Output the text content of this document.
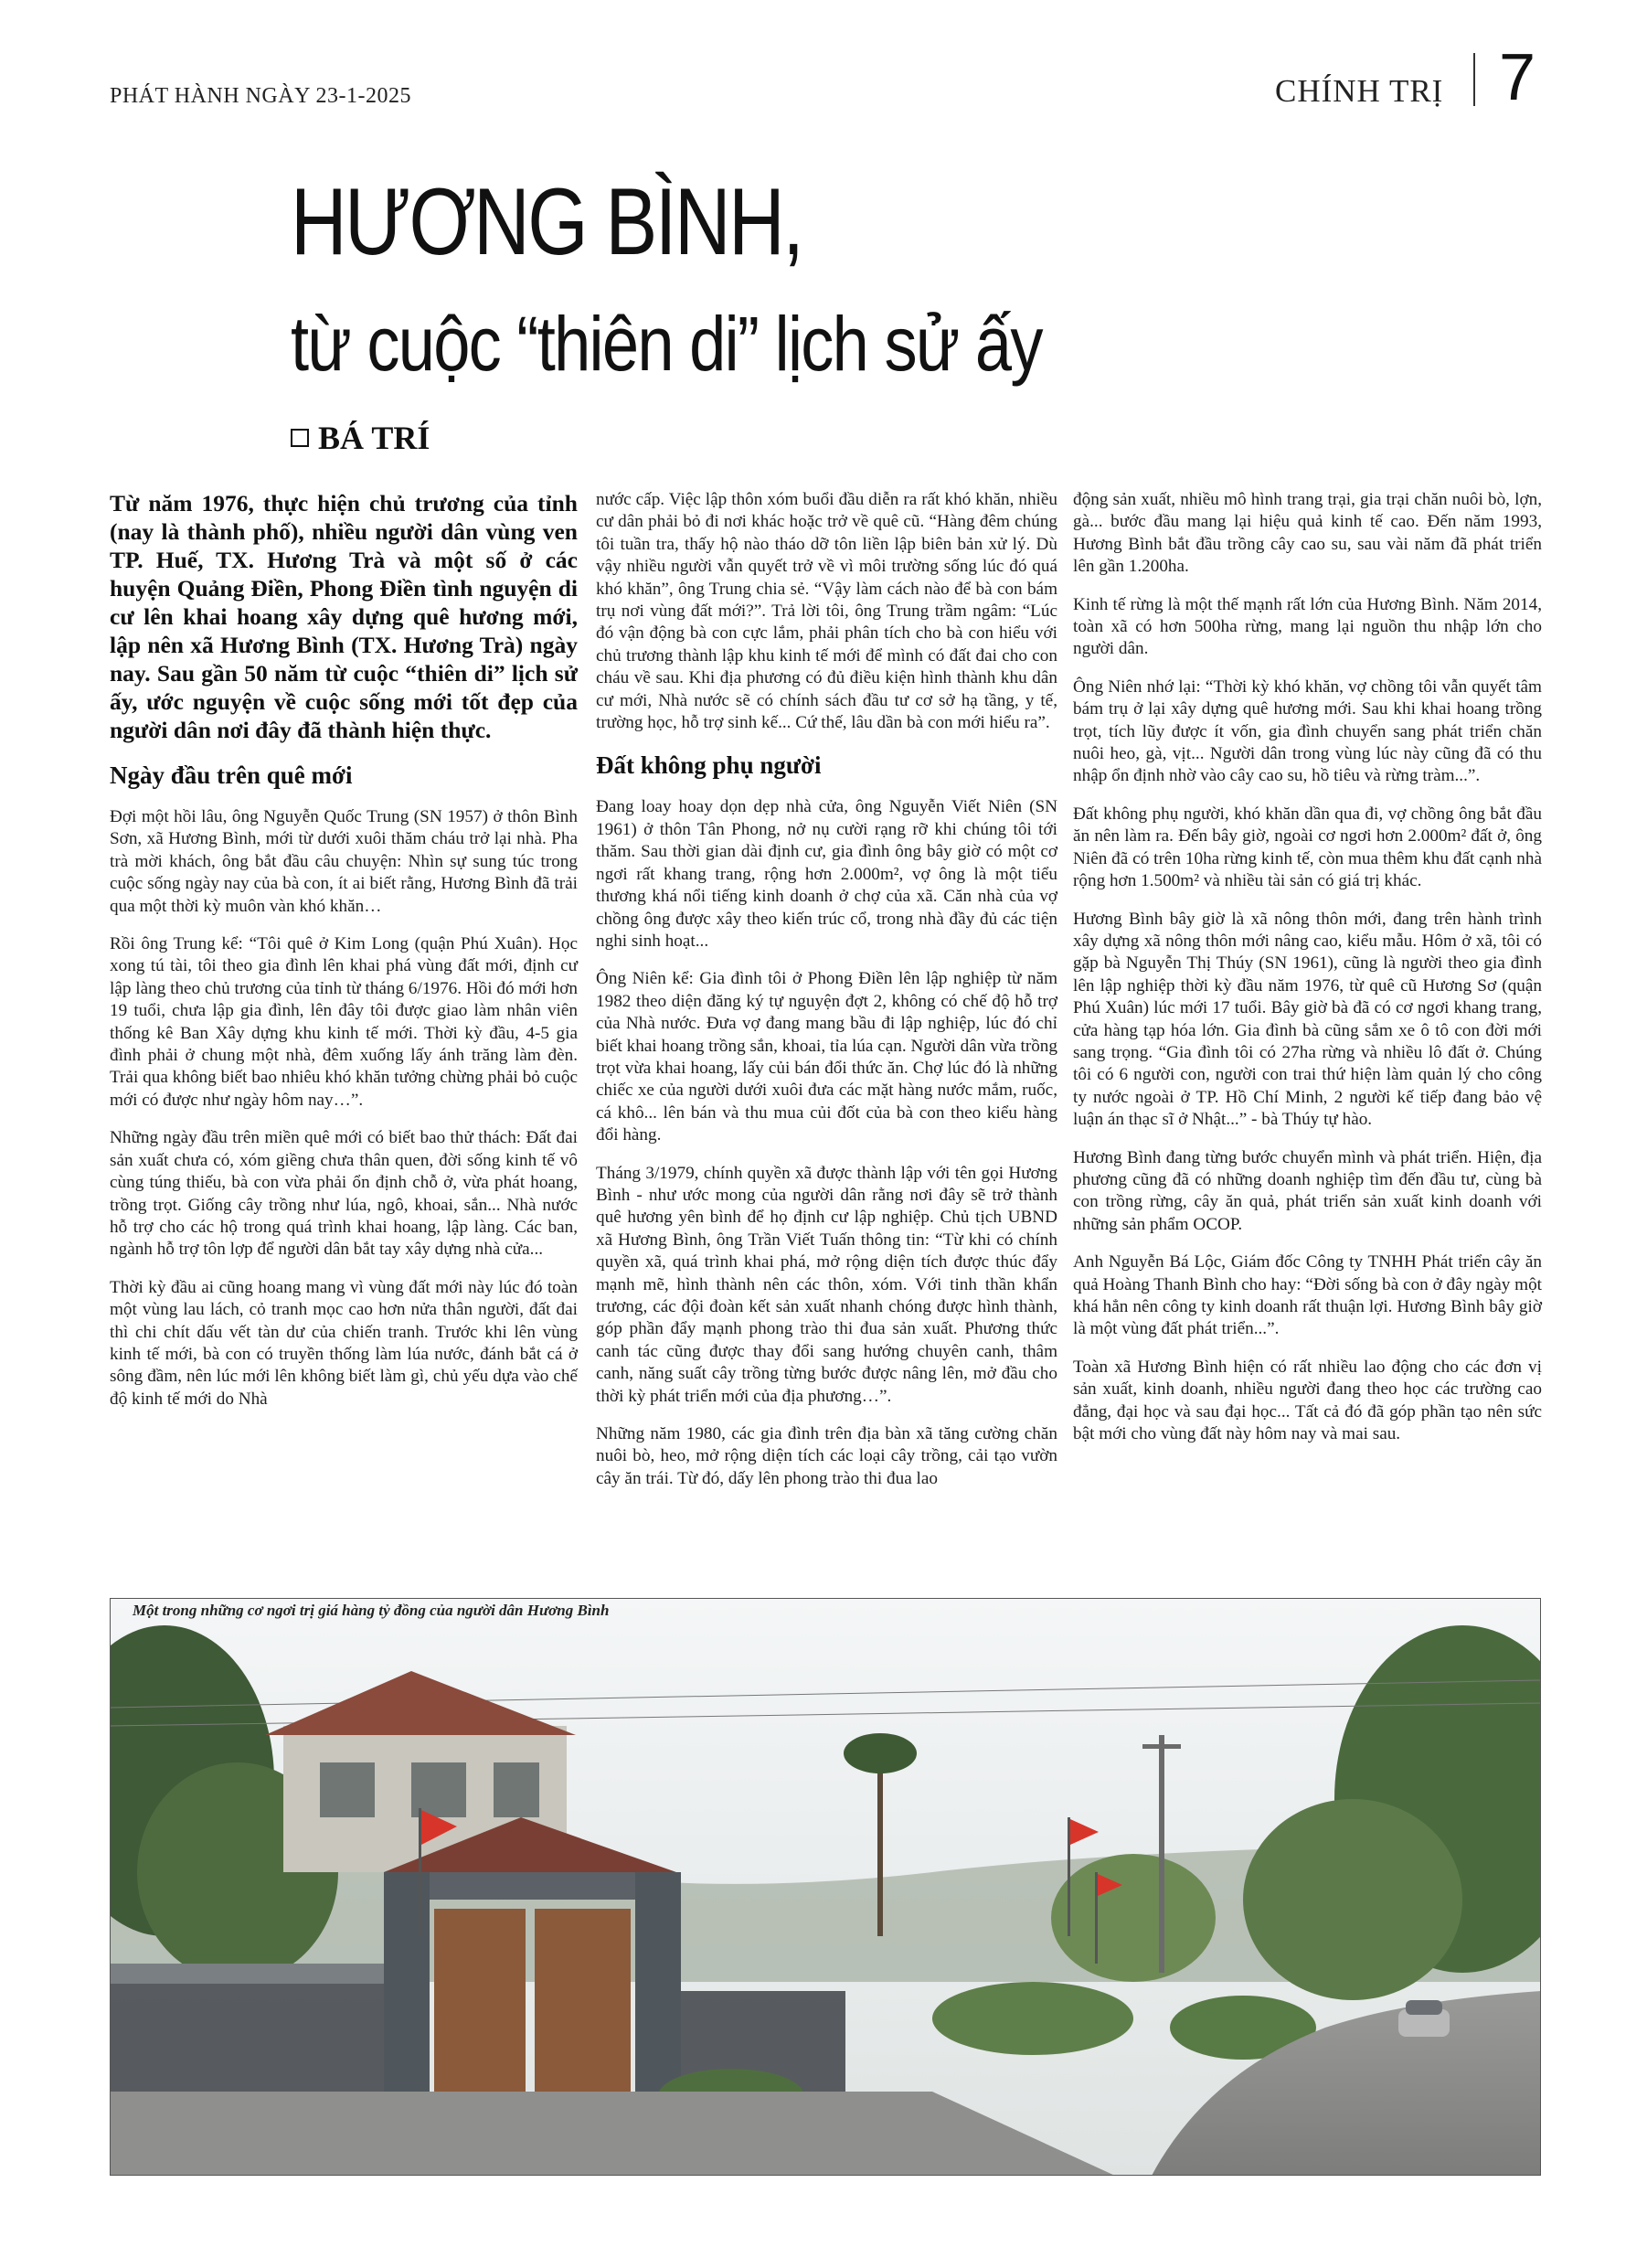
PHÁT HÀNH NGÀY 23-1-2025	CHÍNH TRỊ 7
HƯƠNG BÌNH,
từ cuộc “thiên di” lịch sử ấy
BÁ TRÍ

Từ năm 1976, thực hiện chủ trương của tỉnh (nay là thành phố), nhiều người dân vùng ven TP. Huế, TX. Hương Trà và một số ở các huyện Quảng Điền, Phong Điền tình nguyện di cư lên khai hoang xây dựng quê hương mới, lập nên xã Hương Bình (TX. Hương Trà) ngày nay. Sau gần 50 năm từ cuộc “thiên di” lịch sử ấy, ước nguyện về cuộc sống mới tốt đẹp của người dân nơi đây đã thành hiện thực.

Ngày đầu trên quê mới

Đợi một hồi lâu, ông Nguyễn Quốc Trung (SN 1957) ở thôn Bình Sơn, xã Hương Bình, mới từ dưới xuôi thăm cháu trở lại nhà. Pha trà mời khách, ông bắt đầu câu chuyện: Nhìn sự sung túc trong cuộc sống ngày nay của bà con, ít ai biết rằng, Hương Bình đã trải qua một thời kỳ muôn vàn khó khăn…

Rồi ông Trung kể: “Tôi quê ở Kim Long (quận Phú Xuân). Học xong tú tài, tôi theo gia đình lên khai phá vùng đất mới, định cư lập làng theo chủ trương của tỉnh từ tháng 6/1976. Hồi đó mới hơn 19 tuổi, chưa lập gia đình, lên đây tôi được giao làm nhân viên thống kê Ban Xây dựng khu kinh tế mới. Thời kỳ đầu, 4-5 gia đình phải ở chung một nhà, đêm xuống lấy ánh trăng làm đèn. Trải qua không biết bao nhiêu khó khăn tưởng chừng phải bỏ cuộc mới có được như ngày hôm nay…”.

Những ngày đầu trên miền quê mới có biết bao thử thách: Đất đai sản xuất chưa có, xóm giềng chưa thân quen, đời sống kinh tế vô cùng túng thiếu, bà con vừa phải ổn định chỗ ở, vừa phát hoang, trồng trọt. Giống cây trồng như lúa, ngô, khoai, sắn... Nhà nước hỗ trợ cho các hộ trong quá trình khai hoang, lập làng. Các ban, ngành hỗ trợ tôn lợp để người dân bắt tay xây dựng nhà cửa...

Thời kỳ đầu ai cũng hoang mang vì vùng đất mới này lúc đó toàn một vùng lau lách, cỏ tranh mọc cao hơn nửa thân người, đất đai thì chi chít dấu vết tàn dư của chiến tranh. Trước khi lên vùng kinh tế mới, bà con có truyền thống làm lúa nước, đánh bắt cá ở sông đầm, nên lúc mới lên không biết làm gì, chủ yếu dựa vào chế độ kinh tế mới do Nhà

nước cấp. Việc lập thôn xóm buổi đầu diễn ra rất khó khăn, nhiều cư dân phải bỏ đi nơi khác hoặc trở về quê cũ. “Hàng đêm chúng tôi tuần tra, thấy hộ nào tháo dỡ tôn liền lập biên bản xử lý. Dù vậy nhiều người vẫn quyết trở về vì môi trường sống lúc đó quá khó khăn”, ông Trung chia sẻ. “Vậy làm cách nào để bà con bám trụ nơi vùng đất mới?”. Trả lời tôi, ông Trung trầm ngâm: “Lúc đó vận động bà con cực lắm, phải phân tích cho bà con hiểu với chủ trương thành lập khu kinh tế mới để mình có đất đai cho con cháu về sau. Khi địa phương có đủ điều kiện hình thành khu dân cư mới, Nhà nước sẽ có chính sách đầu tư cơ sở hạ tầng, y tế, trường học, hỗ trợ sinh kế... Cứ thế, lâu dần bà con mới hiểu ra”.

Đất không phụ người

Đang loay hoay dọn dẹp nhà cửa, ông Nguyễn Viết Niên (SN 1961) ở thôn Tân Phong, nở nụ cười rạng rỡ khi chúng tôi tới thăm. Sau thời gian dài định cư, gia đình ông bây giờ có một cơ ngơi rất khang trang, rộng hơn 2.000m², vợ ông là một tiểu thương khá nổi tiếng kinh doanh ở chợ của xã. Căn nhà của vợ chồng ông được xây theo kiến trúc cổ, trong nhà đầy đủ các tiện nghi sinh hoạt...

Ông Niên kể: Gia đình tôi ở Phong Điền lên lập nghiệp từ năm 1982 theo diện đăng ký tự nguyện đợt 2, không có chế độ hỗ trợ của Nhà nước. Đưa vợ đang mang bầu đi lập nghiệp, lúc đó chỉ biết khai hoang trồng sắn, khoai, tỉa lúa cạn. Người dân vừa trồng trọt vừa khai hoang, lấy củi bán đổi thức ăn. Chợ lúc đó là những chiếc xe của người dưới xuôi đưa các mặt hàng nước mắm, ruốc, cá khô... lên bán và thu mua củi đốt của bà con theo kiểu hàng đổi hàng.

Tháng 3/1979, chính quyền xã được thành lập với tên gọi Hương Bình - như ước mong của người dân rằng nơi đây sẽ trở thành quê hương yên bình để họ định cư lập nghiệp. Chủ tịch UBND xã Hương Bình, ông Trần Viết Tuấn thông tin: “Từ khi có chính quyền xã, quá trình khai phá, mở rộng diện tích được thúc đẩy mạnh mẽ, hình thành nên các thôn, xóm. Với tinh thần khẩn trương, các đội đoàn kết sản xuất nhanh chóng được hình thành, góp phần đẩy mạnh phong trào thi đua sản xuất. Phương thức canh tác cũng được thay đổi sang hướng chuyên canh, thâm canh, năng suất cây trồng từng bước được nâng lên, mở đầu cho thời kỳ phát triển mới của địa phương…”.

Những năm 1980, các gia đình trên địa bàn xã tăng cường chăn nuôi bò, heo, mở rộng diện tích các loại cây trồng, cải tạo vườn cây ăn trái. Từ đó, dấy lên phong trào thi đua lao

động sản xuất, nhiều mô hình trang trại, gia trại chăn nuôi bò, lợn, gà... bước đầu mang lại hiệu quả kinh tế cao. Đến năm 1993, Hương Bình bắt đầu trồng cây cao su, sau vài năm đã phát triển lên gần 1.200ha.

Kinh tế rừng là một thế mạnh rất lớn của Hương Bình. Năm 2014, toàn xã có hơn 500ha rừng, mang lại nguồn thu nhập lớn cho người dân.

Ông Niên nhớ lại: “Thời kỳ khó khăn, vợ chồng tôi vẫn quyết tâm bám trụ ở lại xây dựng quê hương mới. Sau khi khai hoang trồng trọt, tích lũy được ít vốn, gia đình chuyển sang phát triển chăn nuôi heo, gà, vịt... Người dân trong vùng lúc này cũng đã có thu nhập ổn định nhờ vào cây cao su, hồ tiêu và rừng tràm...”.

Đất không phụ người, khó khăn dần qua đi, vợ chồng ông bắt đầu ăn nên làm ra. Đến bây giờ, ngoài cơ ngơi hơn 2.000m² đất ở, ông Niên đã có trên 10ha rừng kinh tế, còn mua thêm khu đất cạnh nhà rộng hơn 1.500m² và nhiều tài sản có giá trị khác.

Hương Bình bây giờ là xã nông thôn mới, đang trên hành trình xây dựng xã nông thôn mới nâng cao, kiểu mẫu. Hôm ở xã, tôi có gặp bà Nguyễn Thị Thúy (SN 1961), cũng là người theo gia đình lên lập nghiệp thời kỳ đầu năm 1976, từ quê cũ Hương Sơ (quận Phú Xuân) lúc mới 17 tuổi. Bây giờ bà đã có cơ ngơi khang trang, cửa hàng tạp hóa lớn. Gia đình bà cũng sắm xe ô tô con đời mới sang trọng. “Gia đình tôi có 27ha rừng và nhiều lô đất ở. Chúng tôi có 6 người con, người con trai thứ hiện làm quản lý cho công ty nước ngoài ở TP. Hồ Chí Minh, 2 người kế tiếp đang bảo vệ luận án thạc sĩ ở Nhật...” - bà Thúy tự hào.

Hương Bình đang từng bước chuyển mình và phát triển. Hiện, địa phương cũng đã có những doanh nghiệp tìm đến đầu tư, cùng bà con trồng rừng, cây ăn quả, phát triển sản xuất kinh doanh với những sản phẩm OCOP.

Anh Nguyễn Bá Lộc, Giám đốc Công ty TNHH Phát triển cây ăn quả Hoàng Thanh Bình cho hay: “Đời sống bà con ở đây ngày một khá hẳn nên công ty kinh doanh rất thuận lợi. Hương Bình bây giờ là một vùng đất phát triển...”.

Toàn xã Hương Bình hiện có rất nhiều lao động cho các đơn vị sản xuất, kinh doanh, nhiều người đang theo học các trường cao đẳng, đại học và sau đại học... Tất cả đó đã góp phần tạo nên sức bật mới cho vùng đất này hôm nay và mai sau.

Một trong những cơ ngơi trị giá hàng tỷ đồng của người dân Hương Bình
